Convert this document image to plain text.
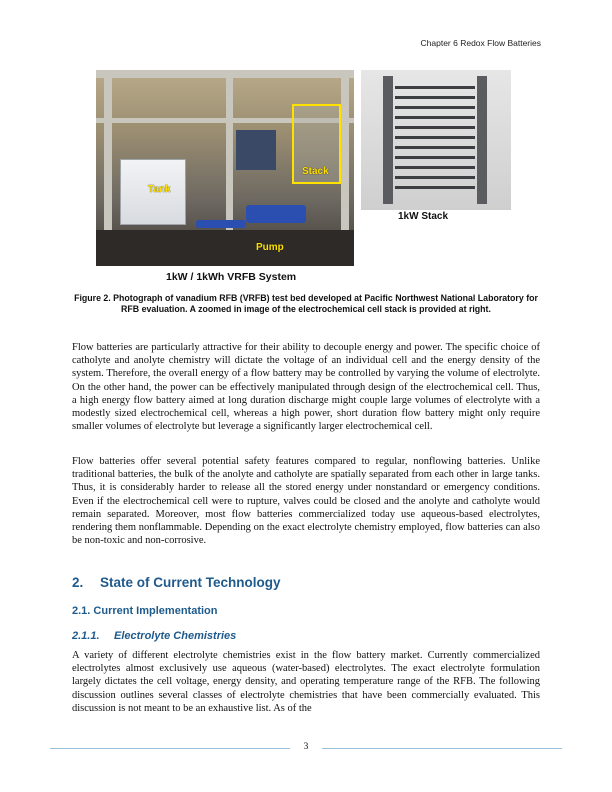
Chapter 6 Redox Flow Batteries
Tank
Stack
Pump
1kW Stack
1kW / 1kWh VRFB System
Figure 2. Photograph of vanadium RFB (VRFB) test bed developed at Pacific Northwest National Laboratory for RFB evaluation. A zoomed in image of the electrochemical cell stack is provided at right.

Flow batteries are particularly attractive for their ability to decouple energy and power. The specific choice of catholyte and anolyte chemistry will dictate the voltage of an individual cell and the energy density of the system. Therefore, the overall energy of a flow battery may be controlled by varying the volume of electrolyte. On the other hand, the power can be effectively manipulated through design of the electrochemical cell. Thus, a high energy flow battery aimed at long duration discharge might couple large volumes of electrolyte with a modestly sized electrochemical cell, whereas a high power, short duration flow battery might only require smaller volumes of electrolyte but leverage a significantly larger electrochemical cell.

Flow batteries offer several potential safety features compared to regular, nonflowing batteries. Unlike traditional batteries, the bulk of the anolyte and catholyte are spatially separated from each other in large tanks. Thus, it is considerably harder to release all the stored energy under nonstandard or emergency conditions. Even if the electrochemical cell were to rupture, valves could be closed and the anolyte and catholyte would remain separated. Moreover, most flow batteries commercialized today use aqueous-based electrolytes, rendering them nonflammable. Depending on the exact electrolyte chemistry employed, flow batteries can also be non-toxic and non-corrosive.

2. State of Current Technology
2.1. Current Implementation
2.1.1. Electrolyte Chemistries

A variety of different electrolyte chemistries exist in the flow battery market. Currently commercialized electrolytes almost exclusively use aqueous (water-based) electrolytes. The exact electrolyte formulation largely dictates the cell voltage, energy density, and operating temperature range of the RFB. The following discussion outlines several classes of electrolyte chemistries that have been commercially evaluated. This discussion is not meant to be an exhaustive list. As of the

3
